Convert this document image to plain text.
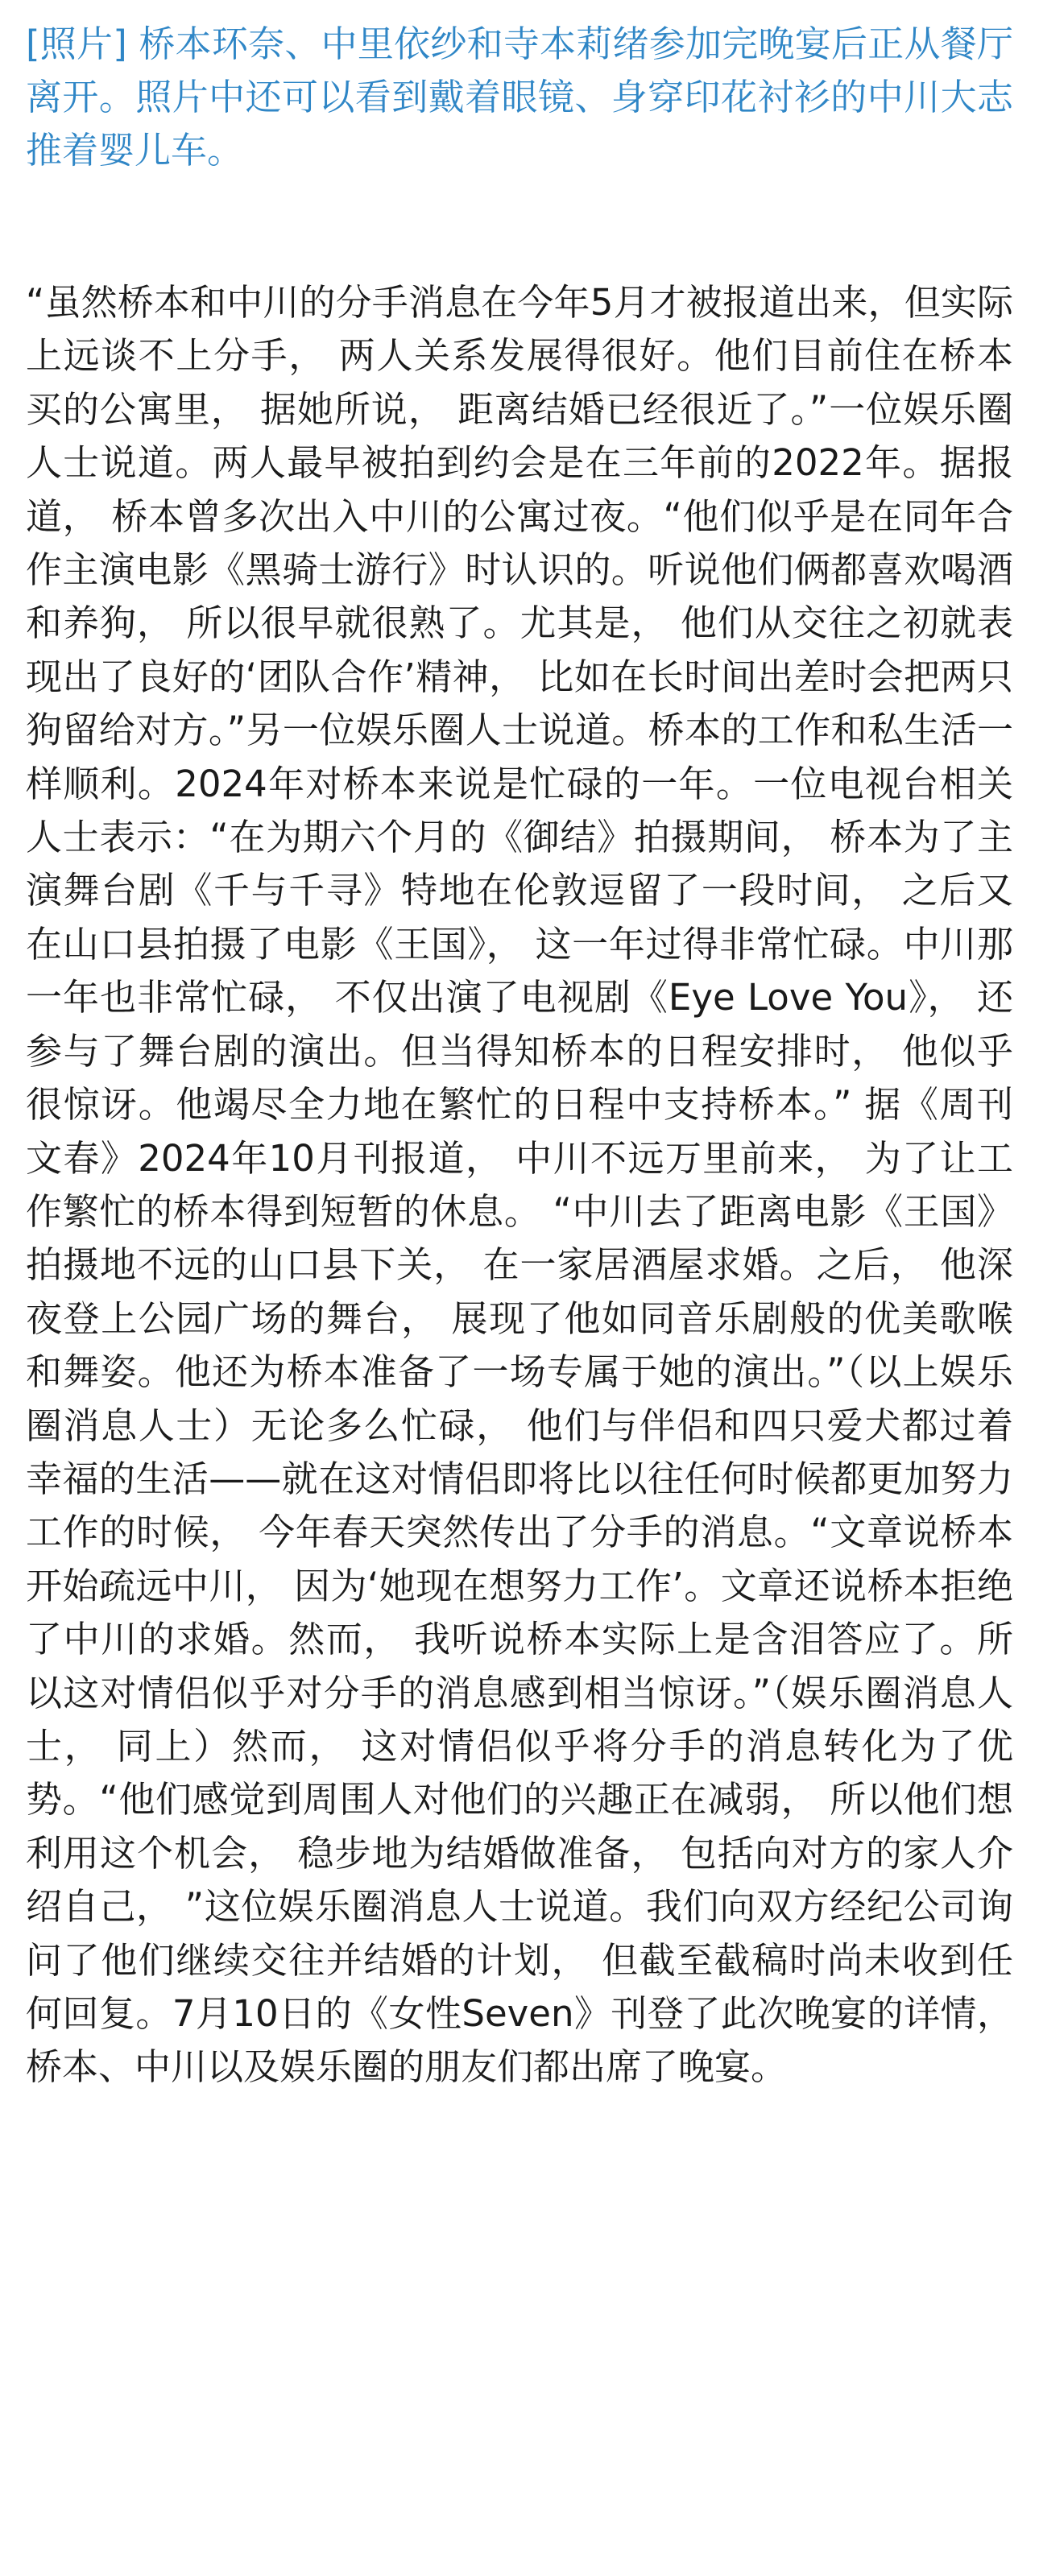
[照片] 桥本环奈、中里依纱和寺本莉绪参加完晚宴后正从餐厅离开。照片中还可以看到戴着眼镜、身穿印花衬衫的中川大志推着婴儿车。

“虽然桥本和中川的分手消息在今年5月才被报道出来，但实际上远谈不上分手， 两人关系发展得很好。他们目前住在桥本买的公寓里， 据她所说， 距离结婚已经很近了。”一位娱乐圈人士说道。两人最早被拍到约会是在三年前的2022年。据报道， 桥本曾多次出入中川的公寓过夜。“他们似乎是在同年合作主演电影《黑骑士游行》时认识的。听说他们俩都喜欢喝酒和养狗， 所以很早就很熟了。尤其是， 他们从交往之初就表现出了良好的‘团队合作’精神， 比如在长时间出差时会把两只狗留给对方。”另一位娱乐圈人士说道。桥本的工作和私生活一样顺利。2024年对桥本来说是忙碌的一年。一位电视台相关人士表示：“在为期六个月的《御结》拍摄期间， 桥本为了主演舞台剧《千与千寻》特地在伦敦逗留了一段时间， 之后又在山口县拍摄了电影《王国》， 这一年过得非常忙碌。中川那一年也非常忙碌， 不仅出演了电视剧《Eye Love You》， 还参与了舞台剧的演出。但当得知桥本的日程安排时， 他似乎很惊讶。他竭尽全力地在繁忙的日程中支持桥本。” 据《周刊文春》2024年10月刊报道， 中川不远万里前来， 为了让工作繁忙的桥本得到短暂的休息。 “中川去了距离电影《王国》拍摄地不远的山口县下关， 在一家居酒屋求婚。之后， 他深夜登上公园广场的舞台， 展现了他如同音乐剧般的优美歌喉和舞姿。他还为桥本准备了一场专属于她的演出。”（以上娱乐圈消息人士）无论多么忙碌， 他们与伴侣和四只爱犬都过着幸福的生活——就在这对情侣即将比以往任何时候都更加努力工作的时候， 今年春天突然传出了分手的消息。“文章说桥本开始疏远中川， 因为‘她现在想努力工作’。文章还说桥本拒绝了中川的求婚。然而， 我听说桥本实际上是含泪答应了。所以这对情侣似乎对分手的消息感到相当惊讶。”（娱乐圈消息人士， 同上）然而， 这对情侣似乎将分手的消息转化为了优势。“他们感觉到周围人对他们的兴趣正在减弱， 所以他们想利用这个机会， 稳步地为结婚做准备， 包括向对方的家人介绍自己， ”这位娱乐圈消息人士说道。我们向双方经纪公司询问了他们继续交往并结婚的计划， 但截至截稿时尚未收到任何回复。7月10日的《女性Seven》刊登了此次晚宴的详情， 桥本、中川以及娱乐圈的朋友们都出席了晚宴。
